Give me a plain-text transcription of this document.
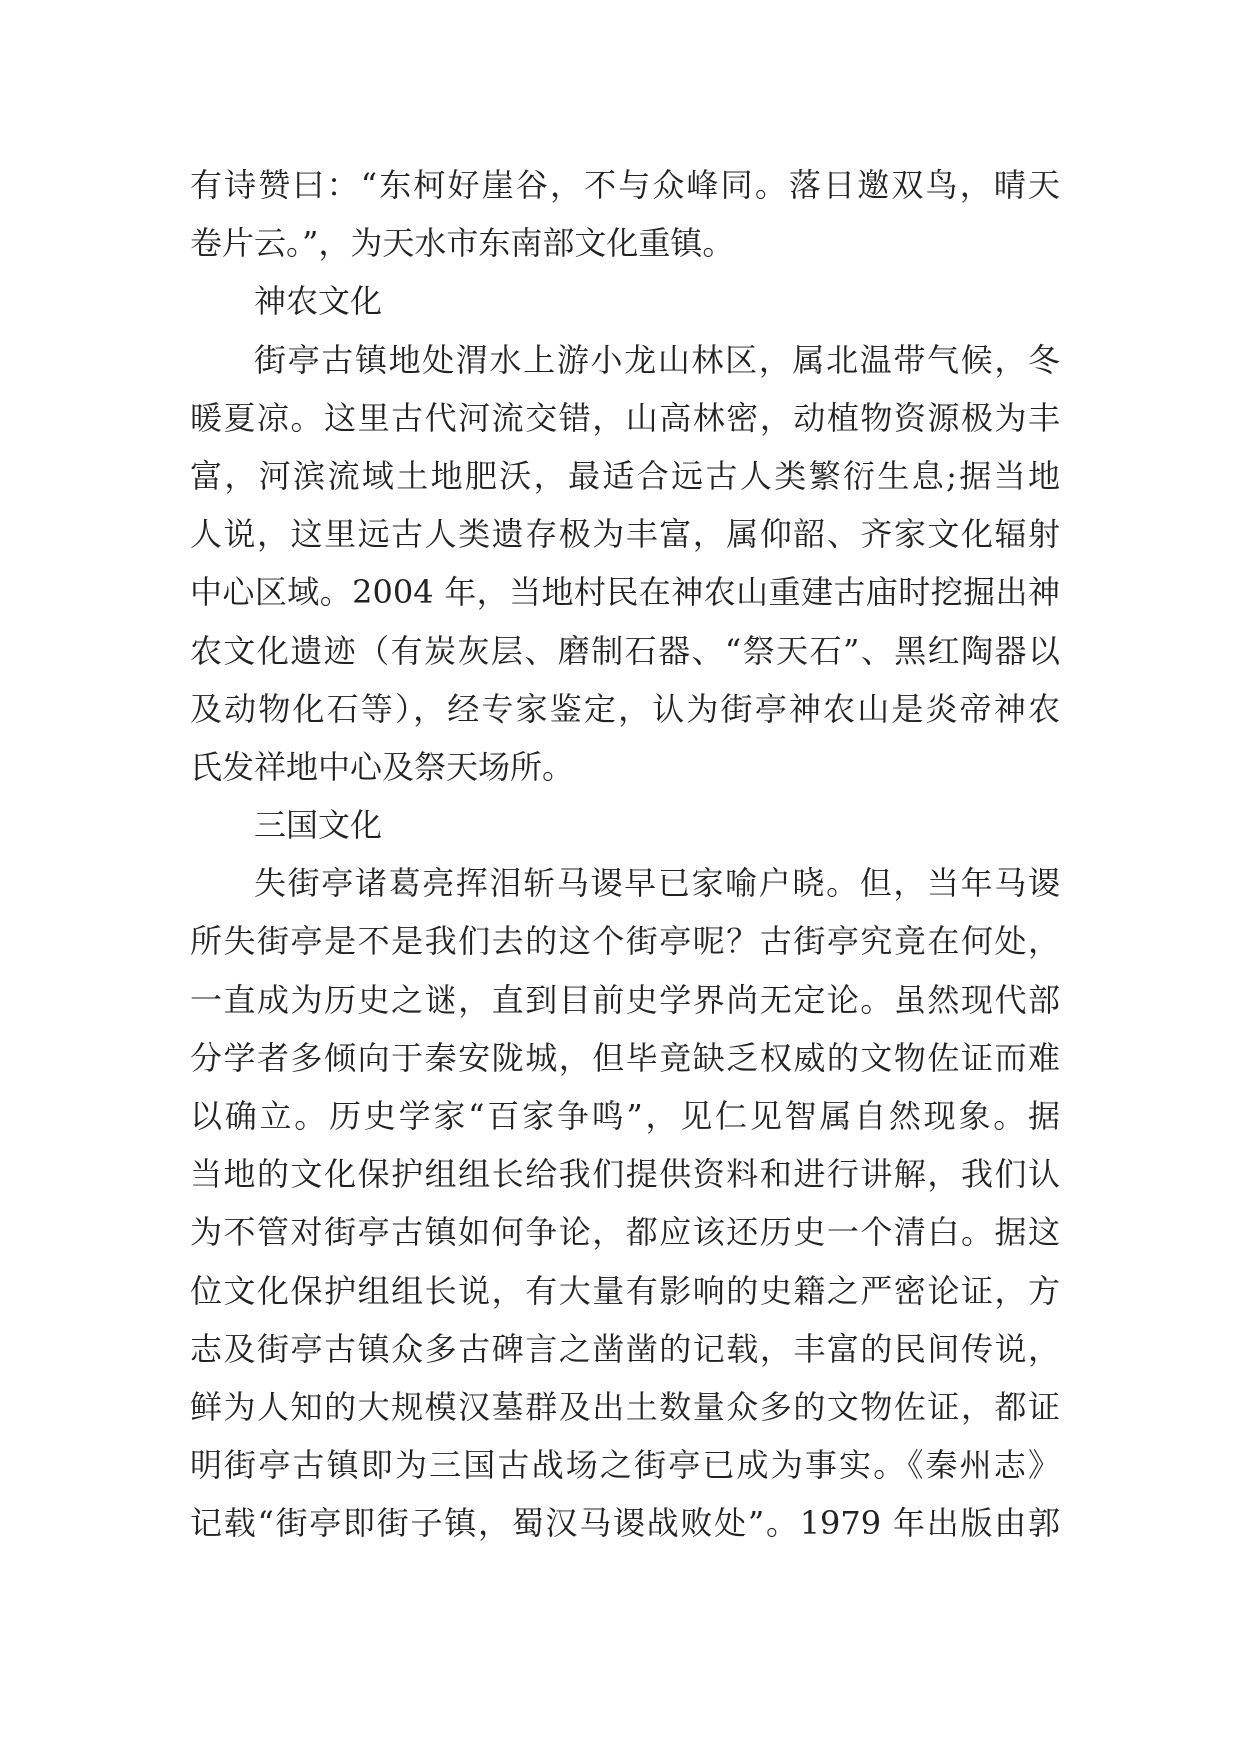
有诗赞曰：“东柯好崖谷，不与众峰同。落日邀双鸟，晴天
卷片云。”，为天水市东南部文化重镇。
神农文化
街亭古镇地处渭水上游小龙山林区，属北温带气候，冬
暖夏凉。这里古代河流交错，山高林密，动植物资源极为丰
富，河滨流域土地肥沃，最适合远古人类繁衍生息;据当地
人说，这里远古人类遗存极为丰富，属仰韶、齐家文化辐射
中心区域。2004 年，当地村民在神农山重建古庙时挖掘出神
农文化遗迹（有炭灰层、磨制石器、“祭天石”、黑红陶器以
及动物化石等），经专家鉴定，认为街亭神农山是炎帝神农
氏发祥地中心及祭天场所。
三国文化
失街亭诸葛亮挥泪斩马谡早已家喻户晓。但，当年马谡
所失街亭是不是我们去的这个街亭呢？古街亭究竟在何处，
一直成为历史之谜，直到目前史学界尚无定论。虽然现代部
分学者多倾向于秦安陇城，但毕竟缺乏权威的文物佐证而难
以确立。历史学家“百家争鸣”，见仁见智属自然现象。据
当地的文化保护组组长给我们提供资料和进行讲解，我们认
为不管对街亭古镇如何争论，都应该还历史一个清白。据这
位文化保护组组长说，有大量有影响的史籍之严密论证，方
志及街亭古镇众多古碑言之凿凿的记载，丰富的民间传说，
鲜为人知的大规模汉墓群及出土数量众多的文物佐证，都证
明街亭古镇即为三国古战场之街亭已成为事实。《秦州志》
记载“街亭即街子镇，蜀汉马谡战败处”。1979 年出版由郭
